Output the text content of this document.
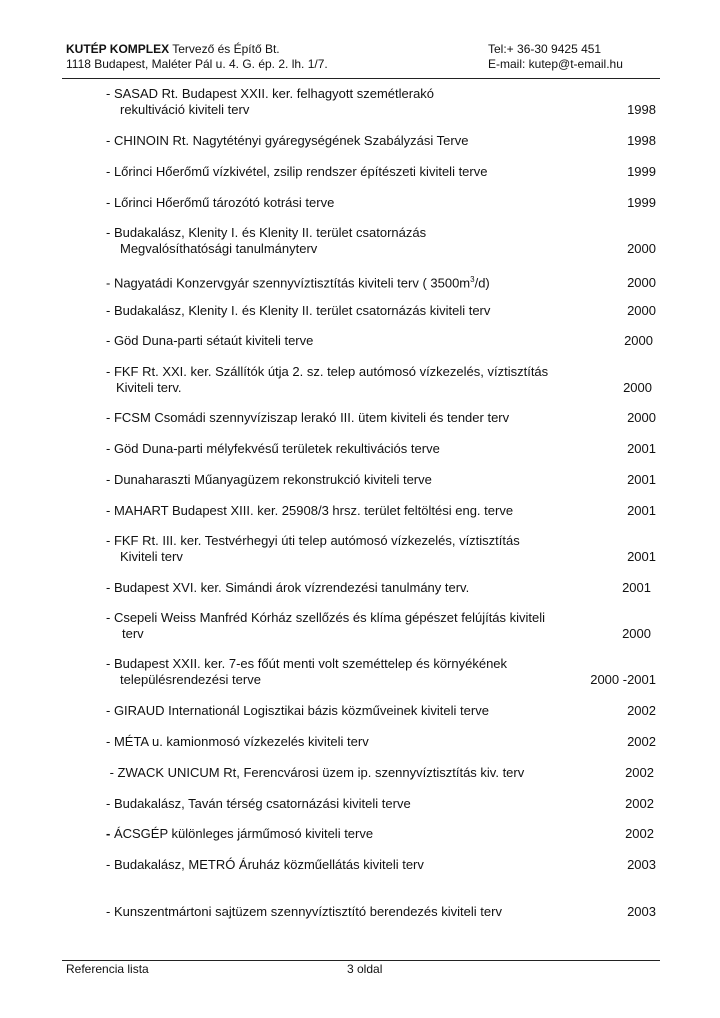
KUTÉP KOMPLEX Tervező és Építő Bt.	Tel:+ 36-30 9425 451
1118 Budapest, Maléter Pál u. 4. G. ép. 2. lh. 1/7.	E-mail: kutep@t-email.hu
- SASAD Rt. Budapest XXII. ker. felhagyott szemétlerakó
rekultiváció kiviteli terv	1998
- CHINOIN Rt. Nagytétényi gyáregységének Szabályzási Terve	1998
- Lőrinci Hőerőmű vízkivétel, zsilip rendszer építészeti kiviteli terve	1999
- Lőrinci Hőerőmű tározótó kotrási terve	1999
- Budakalász, Klenity I. és Klenity II. terület csatornázás
Megvalósíthatósági tanulmányterv	2000
- Nagyatádi Konzervgyár szennyvíztisztítás kiviteli terv ( $3500m^3/d$)	2000
- Budakalász, Klenity I. és Klenity II. terület csatornázás kiviteli terv	2000
- Göd Duna-parti sétaút kiviteli terve	2000
- FKF Rt. XXI. ker. Szállítók útja 2. sz. telep autómosó vízkezelés, víztisztítás
Kiviteli terv.	2000
- FCSM Csomádi szennyvíziszap lerakó III. ütem kiviteli és tender terv	2000
- Göd Duna-parti mélyfekvésű területek rekultivációs terve	2001
- Dunaharaszti Műanyagüzem rekonstrukció kiviteli terve	2001
- MAHART Budapest XIII. ker. 25908/3 hrsz. terület feltöltési eng. terve	2001
- FKF Rt. III. ker. Testvérhegyi úti telep autómosó vízkezelés, víztisztítás
Kiviteli terv	2001
- Budapest XVI. ker. Simándi árok vízrendezési tanulmány terv.	2001
- Csepeli Weiss Manfréd Kórház szellőzés és klíma gépészet felújítás kiviteli
terv	2000
- Budapest XXII. ker. 7-es főút menti volt szeméttelep és környékének
településrendezési terve	2000 -2001
- GIRAUD Internationál Logisztikai bázis közműveinek kiviteli terve	2002
- MÉTA u. kamionmosó vízkezelés kiviteli terv	2002
- ZWACK UNICUM Rt, Ferencvárosi üzem ip. szennyvíztisztítás kiv. terv	2002
- Budakalász, Taván térség csatornázási kiviteli terve	2002
- ÁCSGÉP különleges járműmosó kiviteli terve	2002
- Budakalász, METRÓ Áruház közműellátás kiviteli terv	2003
- Kunszentmártoni sajtüzem szennyvíztisztító berendezés kiviteli terv	2003
Referencia lista	3 oldal
